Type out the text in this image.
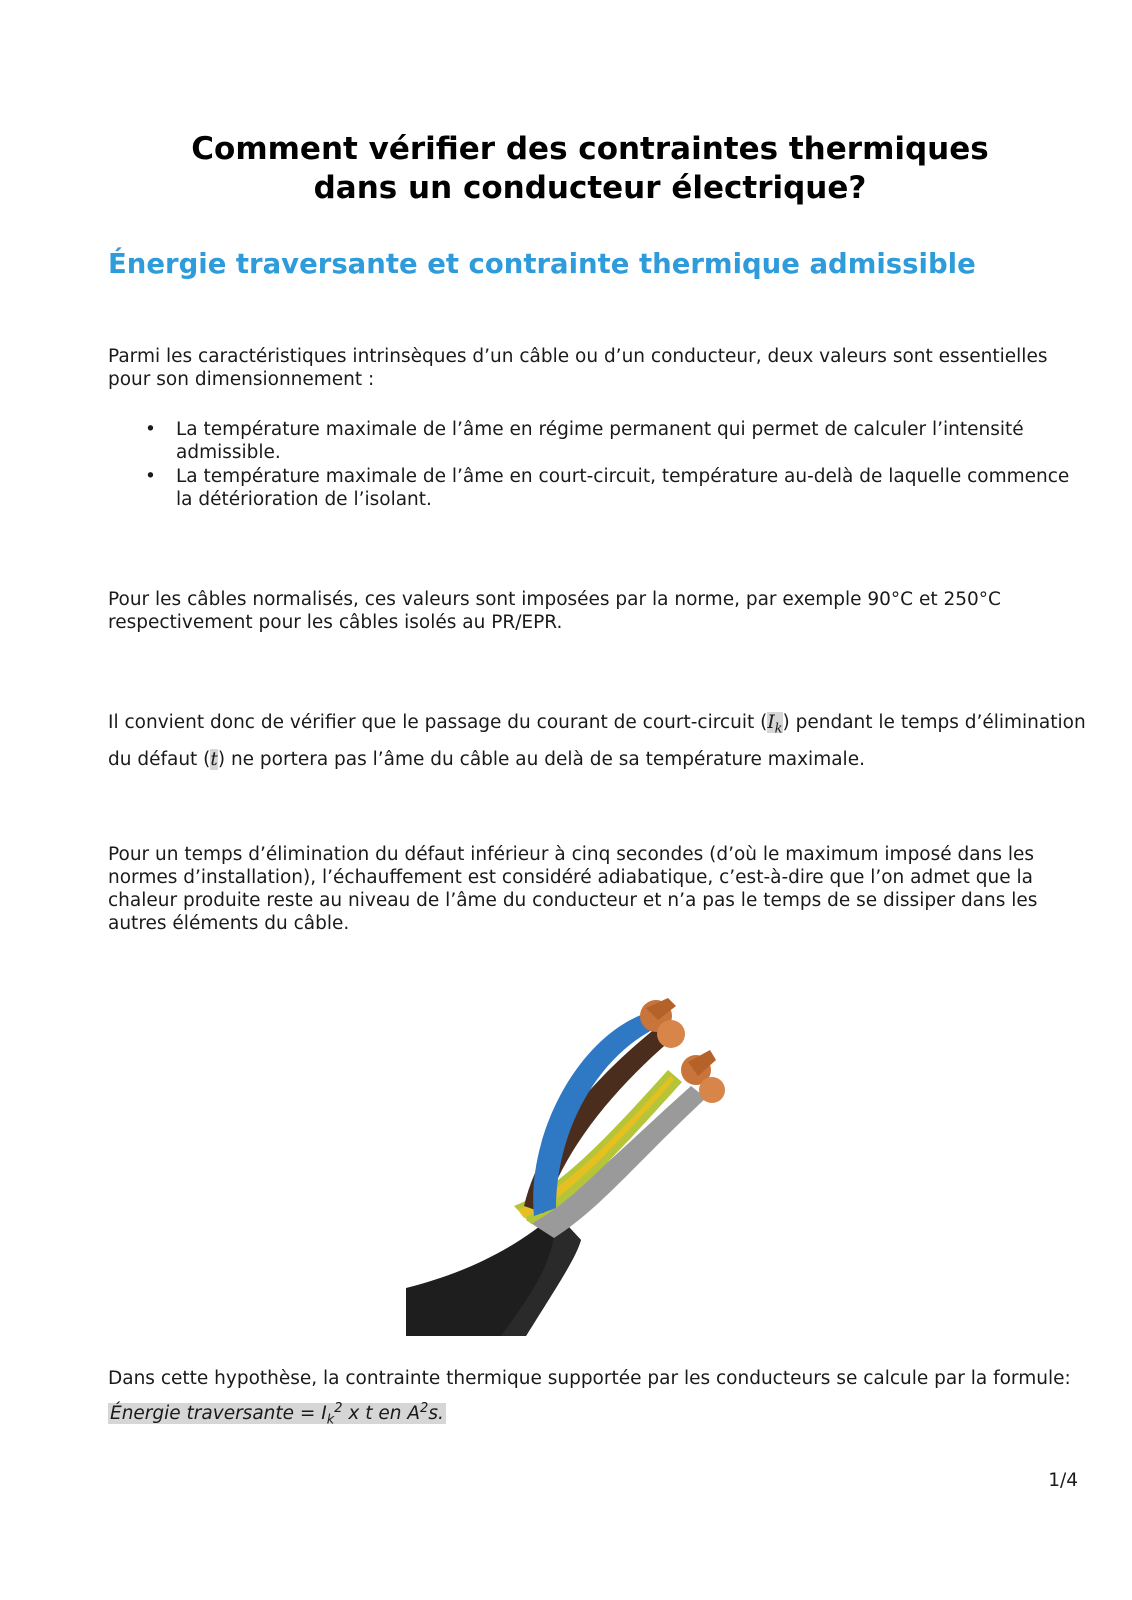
Comment vérifier des contraintes thermiques
dans un conducteur électrique?
Énergie traversante et contrainte thermique admissible
Parmi les caractéristiques intrinsèques d’un câble ou d’un conducteur, deux valeurs sont essentielles pour son dimensionnement :
• La température maximale de l’âme en régime permanent qui permet de calculer l’intensité admissible.
• La température maximale de l’âme en court-circuit, température au-delà de laquelle commence la détérioration de l’isolant.
Pour les câbles normalisés, ces valeurs sont imposées par la norme, par exemple 90°C et 250°C respectivement pour les câbles isolés au PR/EPR.
Il convient donc de vérifier que le passage du courant de court-circuit $(I_k)$ pendant le temps d’élimination du défaut (t) ne portera pas l’âme du câble au delà de sa température maximale.
Pour un temps d’élimination du défaut inférieur à cinq secondes (d’où le maximum imposé dans les normes d’installation), l’échauffement est considéré adiabatique, c’est-à-dire que l’on admet que la chaleur produite reste au niveau de l’âme du conducteur et n’a pas le temps de se dissiper dans les autres éléments du câble.
Dans cette hypothèse, la contrainte thermique supportée par les conducteurs se calcule par la formule: Énergie traversante = $I_k^2$ x t en $A^2s$.
1/4
